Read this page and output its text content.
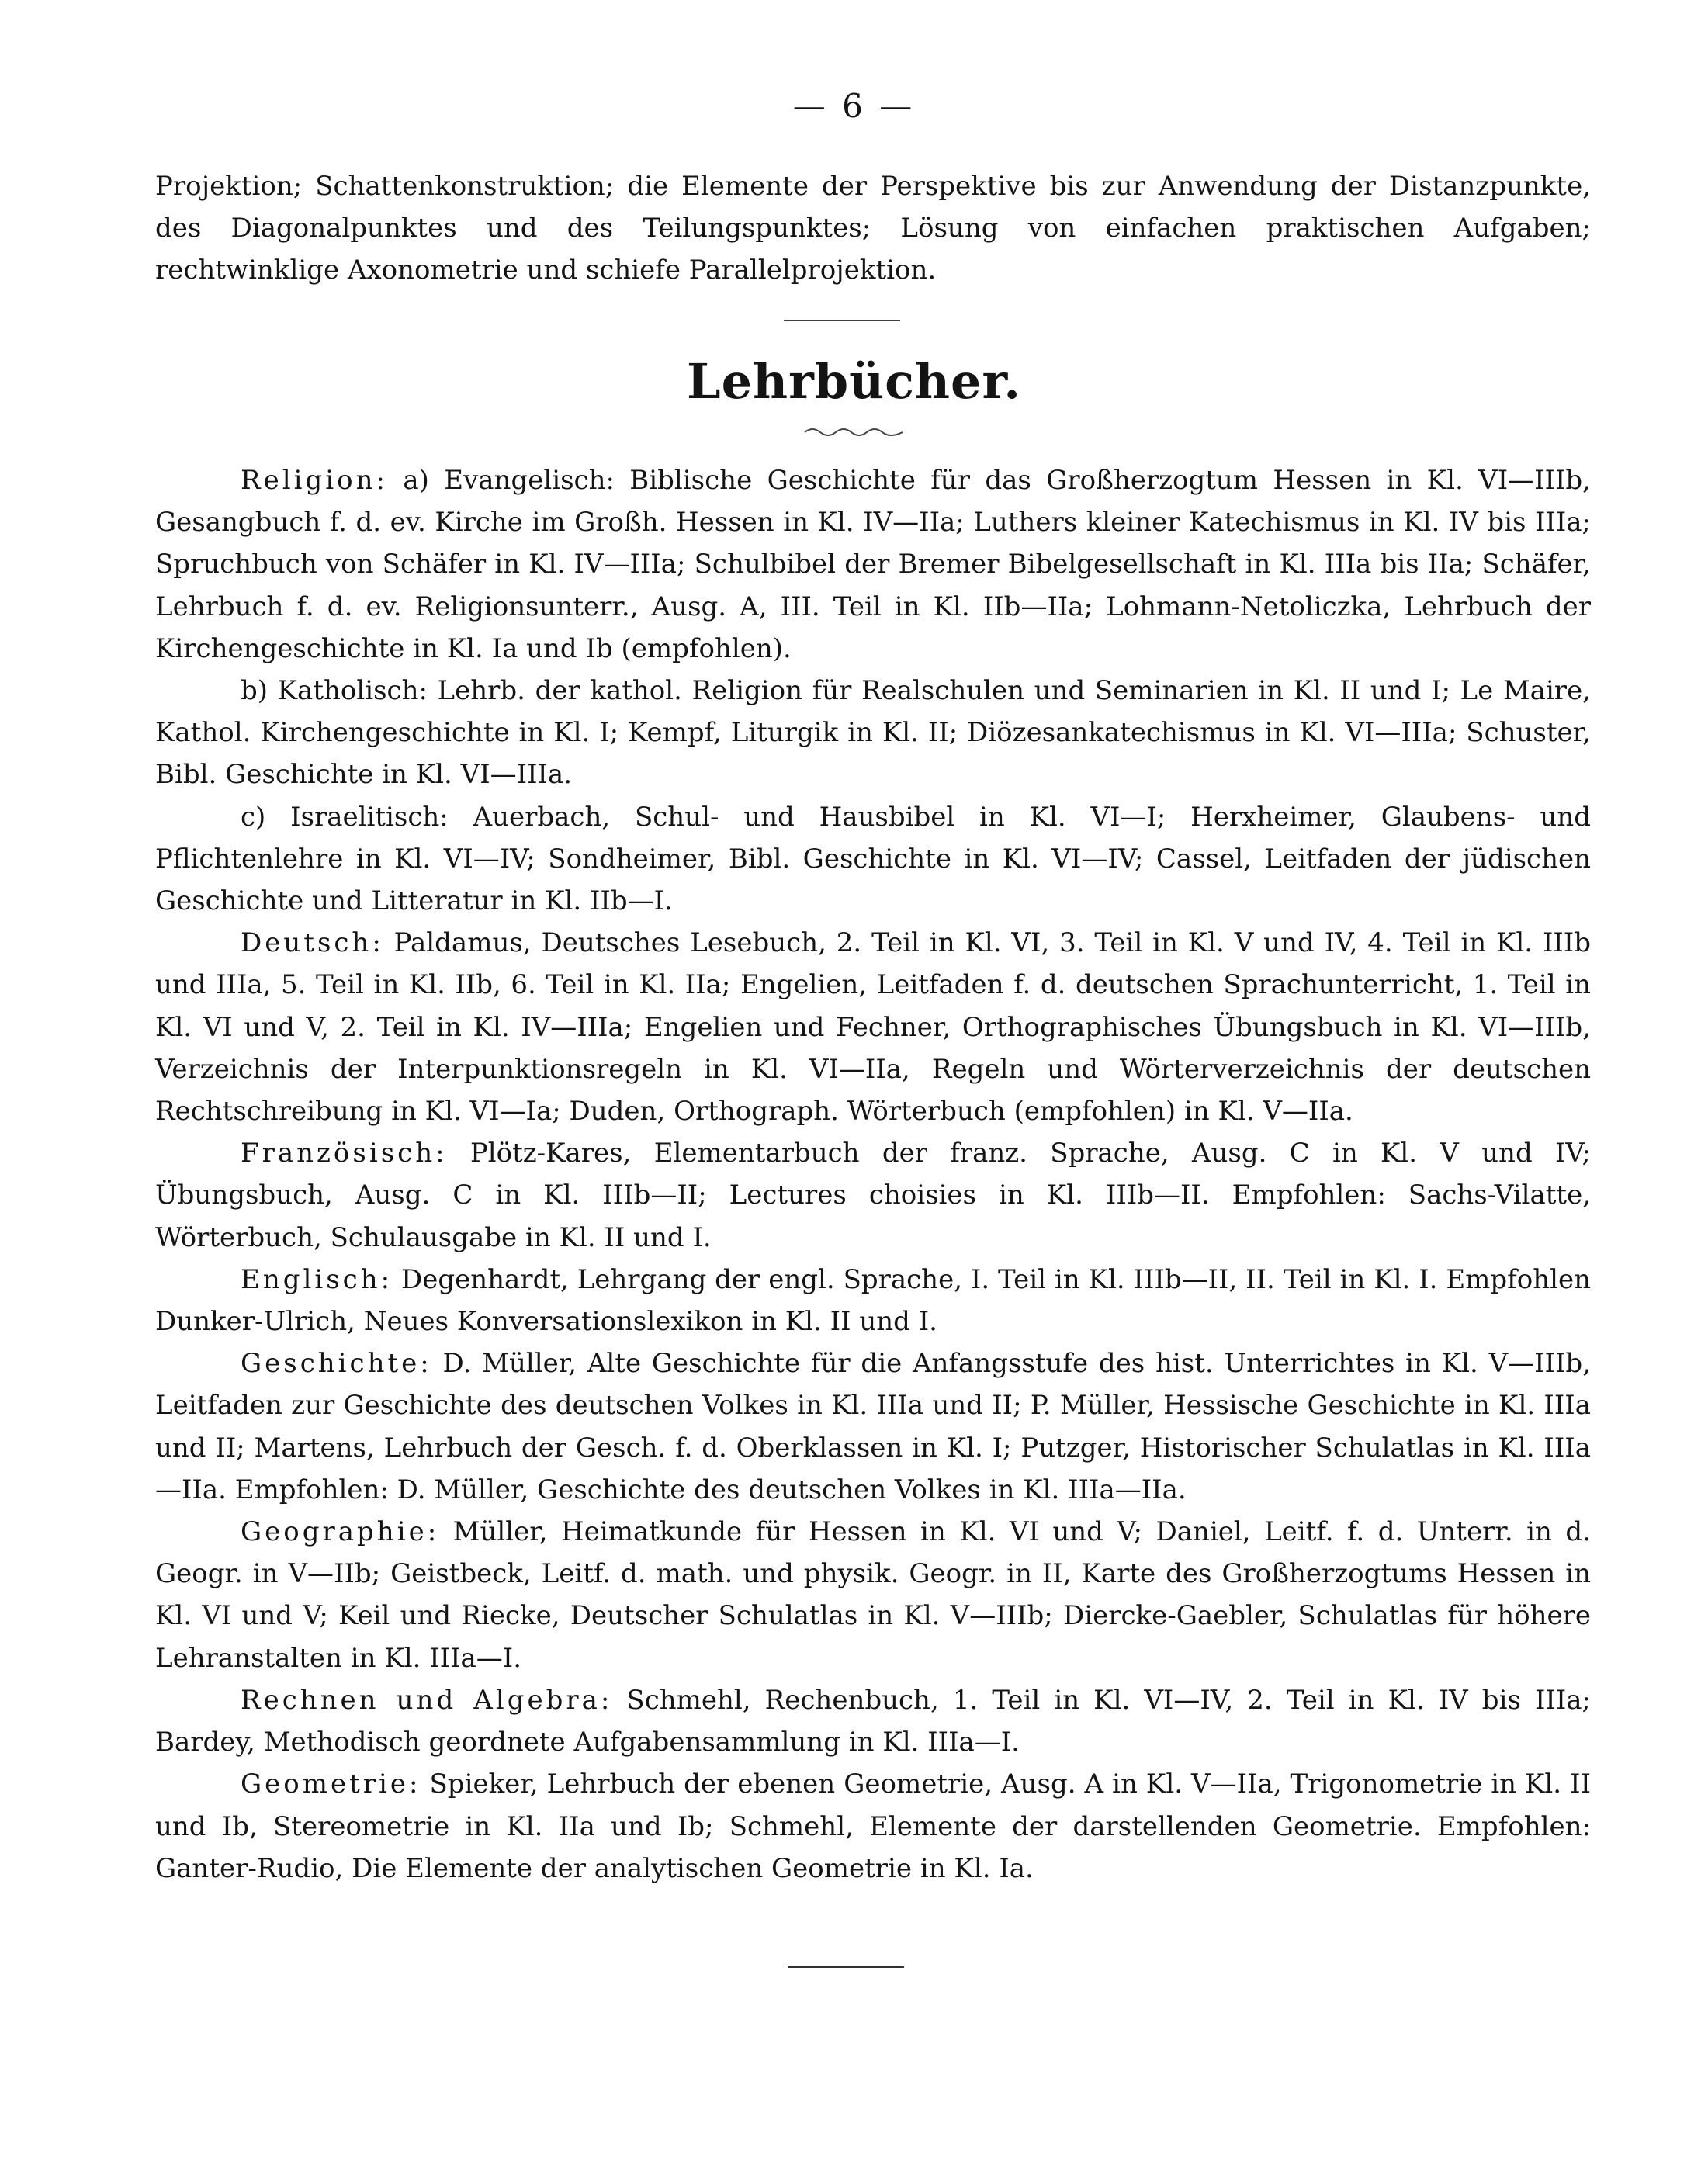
— 6 —

Projektion; Schattenkonstruktion; die Elemente der Perspektive bis zur Anwendung der Distanzpunkte, des Diagonalpunktes und des Teilungspunktes; Lösung von einfachen praktischen Aufgaben; rechtwinklige Axonometrie und schiefe Parallelprojektion.

Lehrbücher.

Religion: a) Evangelisch: Biblische Geschichte für das Großherzogtum Hessen in Kl. VI—IIIb, Gesangbuch f. d. ev. Kirche im Großh. Hessen in Kl. IV—IIa; Luthers kleiner Katechismus in Kl. IV bis IIIa; Spruchbuch von Schäfer in Kl. IV—IIIa; Schulbibel der Bremer Bibelgesellschaft in Kl. IIIa bis IIa; Schäfer, Lehrbuch f. d. ev. Religionsunterr., Ausg. A, III. Teil in Kl. IIb—IIa; Lohmann-Netoliczka, Lehrbuch der Kirchengeschichte in Kl. Ia und Ib (empfohlen).

b) Katholisch: Lehrb. der kathol. Religion für Realschulen und Seminarien in Kl. II und I; Le Maire, Kathol. Kirchengeschichte in Kl. I; Kempf, Liturgik in Kl. II; Diözesankatechismus in Kl. VI—IIIa; Schuster, Bibl. Geschichte in Kl. VI—IIIa.

c) Israelitisch: Auerbach, Schul- und Hausbibel in Kl. VI—I; Herxheimer, Glaubens- und Pflichtenlehre in Kl. VI—IV; Sondheimer, Bibl. Geschichte in Kl. VI—IV; Cassel, Leitfaden der jüdischen Geschichte und Litteratur in Kl. IIb—I.

Deutsch: Paldamus, Deutsches Lesebuch, 2. Teil in Kl. VI, 3. Teil in Kl. V und IV, 4. Teil in Kl. IIIb und IIIa, 5. Teil in Kl. IIb, 6. Teil in Kl. IIa; Engelien, Leitfaden f. d. deutschen Sprachunterricht, 1. Teil in Kl. VI und V, 2. Teil in Kl. IV—IIIa; Engelien und Fechner, Orthographisches Übungsbuch in Kl. VI—IIIb, Verzeichnis der Interpunktionsregeln in Kl. VI—IIa, Regeln und Wörterverzeichnis der deutschen Rechtschreibung in Kl. VI—Ia; Duden, Orthograph. Wörterbuch (empfohlen) in Kl. V—IIa.

Französisch: Plötz-Kares, Elementarbuch der franz. Sprache, Ausg. C in Kl. V und IV; Übungsbuch, Ausg. C in Kl. IIIb—II; Lectures choisies in Kl. IIIb—II. Empfohlen: Sachs-Vilatte, Wörterbuch, Schulausgabe in Kl. II und I.

Englisch: Degenhardt, Lehrgang der engl. Sprache, I. Teil in Kl. IIIb—II, II. Teil in Kl. I. Empfohlen Dunker-Ulrich, Neues Konversationslexikon in Kl. II und I.

Geschichte: D. Müller, Alte Geschichte für die Anfangsstufe des hist. Unterrichtes in Kl. V—IIIb, Leitfaden zur Geschichte des deutschen Volkes in Kl. IIIa und II; P. Müller, Hessische Geschichte in Kl. IIIa und II; Martens, Lehrbuch der Gesch. f. d. Oberklassen in Kl. I; Putzger, Historischer Schulatlas in Kl. IIIa—IIa. Empfohlen: D. Müller, Geschichte des deutschen Volkes in Kl. IIIa—IIa.

Geographie: Müller, Heimatkunde für Hessen in Kl. VI und V; Daniel, Leitf. f. d. Unterr. in d. Geogr. in V—IIb; Geistbeck, Leitf. d. math. und physik. Geogr. in II, Karte des Großherzogtums Hessen in Kl. VI und V; Keil und Riecke, Deutscher Schulatlas in Kl. V—IIIb; Diercke-Gaebler, Schulatlas für höhere Lehranstalten in Kl. IIIa—I.

Rechnen und Algebra: Schmehl, Rechenbuch, 1. Teil in Kl. VI—IV, 2. Teil in Kl. IV bis IIIa; Bardey, Methodisch geordnete Aufgabensammlung in Kl. IIIa—I.

Geometrie: Spieker, Lehrbuch der ebenen Geometrie, Ausg. A in Kl. V—IIa, Trigonometrie in Kl. II und Ib, Stereometrie in Kl. IIa und Ib; Schmehl, Elemente der darstellenden Geometrie. Empfohlen: Ganter-Rudio, Die Elemente der analytischen Geometrie in Kl. Ia.
